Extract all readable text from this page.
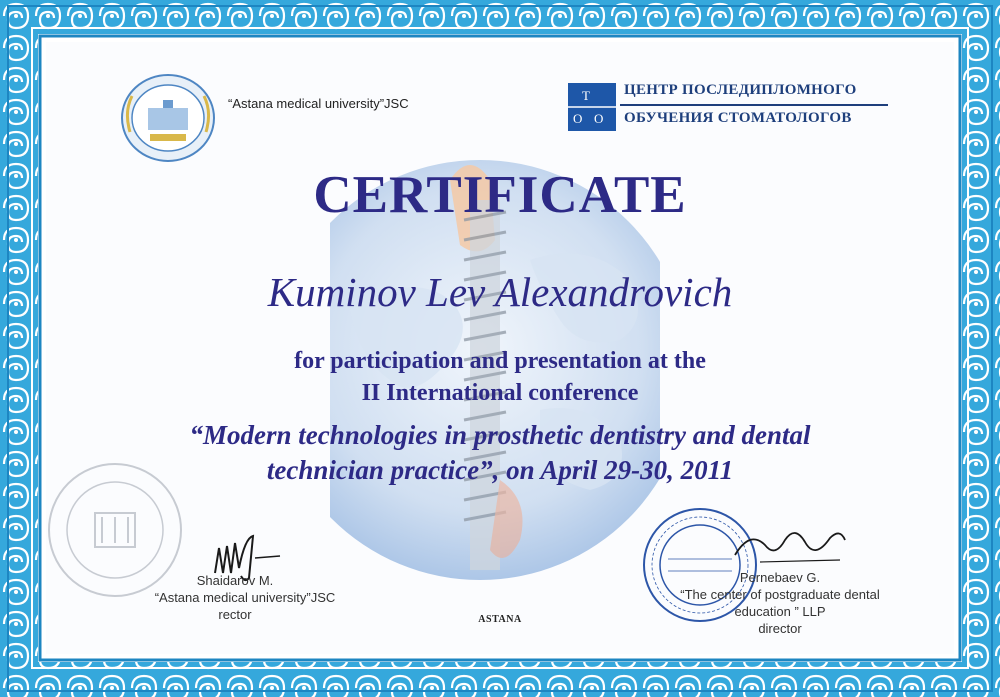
“Astana medical university”JSC
Т
О О
ЦЕНТР ПОСЛЕДИПЛОМНОГО
ОБУЧЕНИЯ СТОМАТОЛОГОВ
CERTIFICATE
Kuminov Lev Alexandrovich
for participation and presentation at the
II International conference
“Modern technologies in prosthetic dentistry and dental
technician practice”, on April 29-30, 2011
Shaidarov M.
“Astana medical university”JSC
rector
Pernebaev G.
“The center of postgraduate dental
education ” LLP
director
ASTANA
